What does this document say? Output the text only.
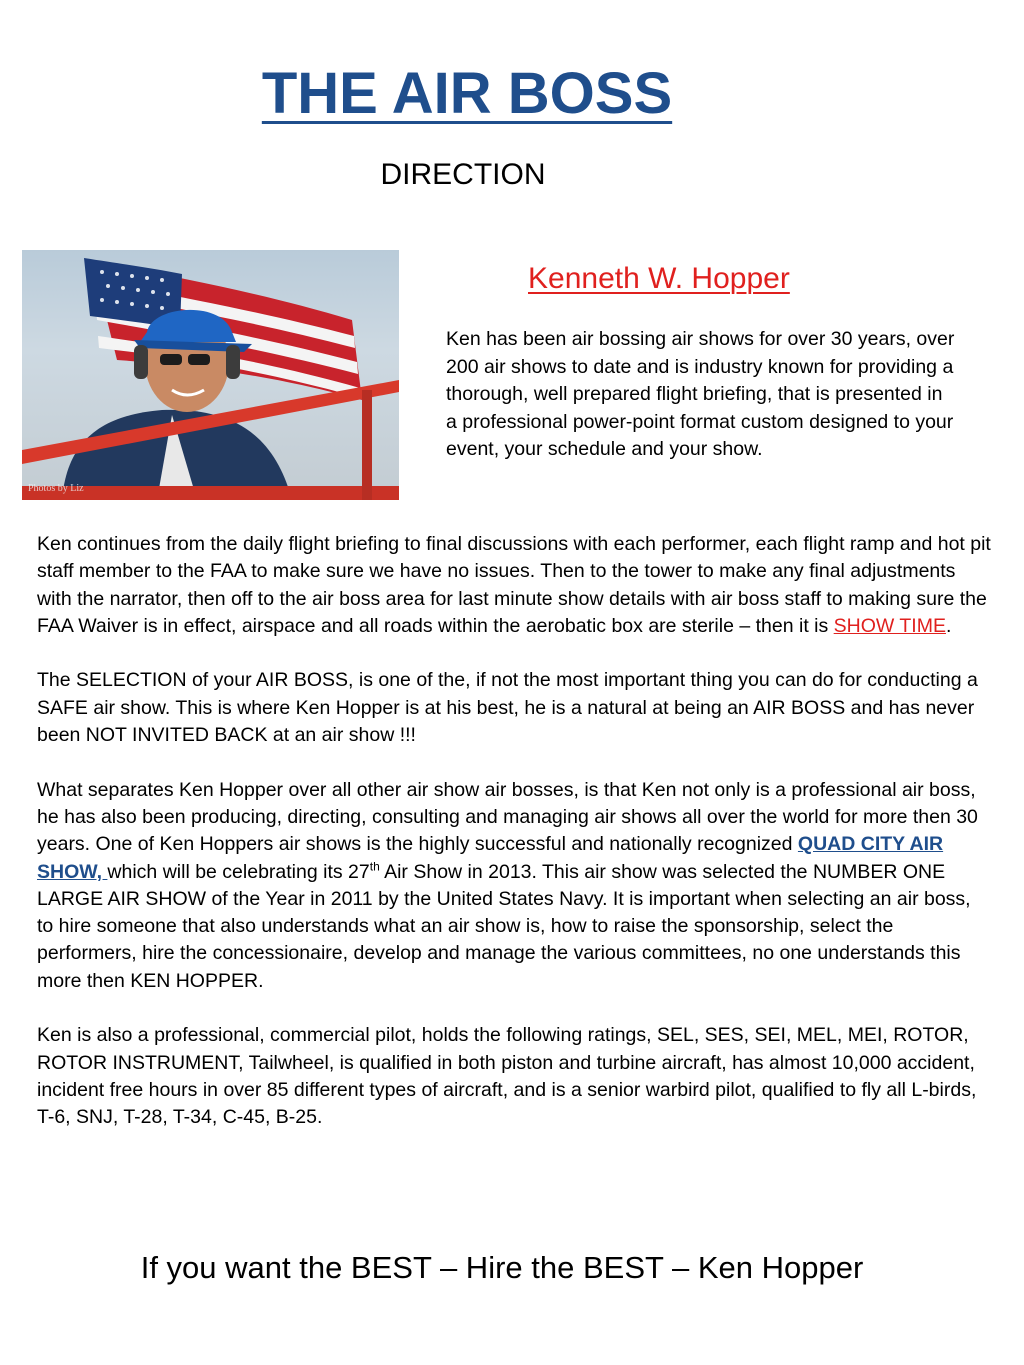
THE AIR BOSS
DIRECTION
Photos by Liz
Kenneth W. Hopper
Ken has been air bossing air shows for over 30 years, over 200 air shows to date and is industry known for providing a thorough, well prepared flight briefing, that is presented in a professional power-point format custom designed to your event, your schedule and your show.

Ken continues from the daily flight briefing to final discussions with each performer, each flight ramp and hot pit staff member to the FAA to make sure we have no issues. Then to the tower to make any final adjustments with the narrator, then off to the air boss area for last minute show details with air boss staff to making sure the FAA Waiver is in effect, airspace and all roads within the aerobatic box are sterile – then it is SHOW TIME.

The SELECTION of your AIR BOSS, is one of the, if not the most important thing you can do for conducting a SAFE air show. This is where Ken Hopper is at his best, he is a natural at being an AIR BOSS and has never been NOT INVITED BACK at an air show !!!

What separates Ken Hopper over all other air show air bosses, is that Ken not only is a professional air boss, he has also been producing, directing, consulting and managing air shows all over the world for more then 30 years. One of Ken Hoppers air shows is the highly successful and nationally recognized QUAD CITY AIR SHOW, which will be celebrating its 27th Air Show in 2013. This air show was selected the NUMBER ONE LARGE AIR SHOW of the Year in 2011 by the United States Navy. It is important when selecting an air boss, to hire someone that also understands what an air show is, how to raise the sponsorship, select the performers, hire the concessionaire, develop and manage the various committees, no one understands this more then KEN HOPPER.

Ken is also a professional, commercial pilot, holds the following ratings, SEL, SES, SEI, MEL, MEI, ROTOR, ROTOR INSTRUMENT, Tailwheel, is qualified in both piston and turbine aircraft, has almost 10,000 accident, incident free hours in over 85 different types of aircraft, and is a senior warbird pilot, qualified to fly all L-birds, T-6, SNJ, T-28, T-34, C-45, B-25.

If you want the BEST – Hire the BEST – Ken Hopper
